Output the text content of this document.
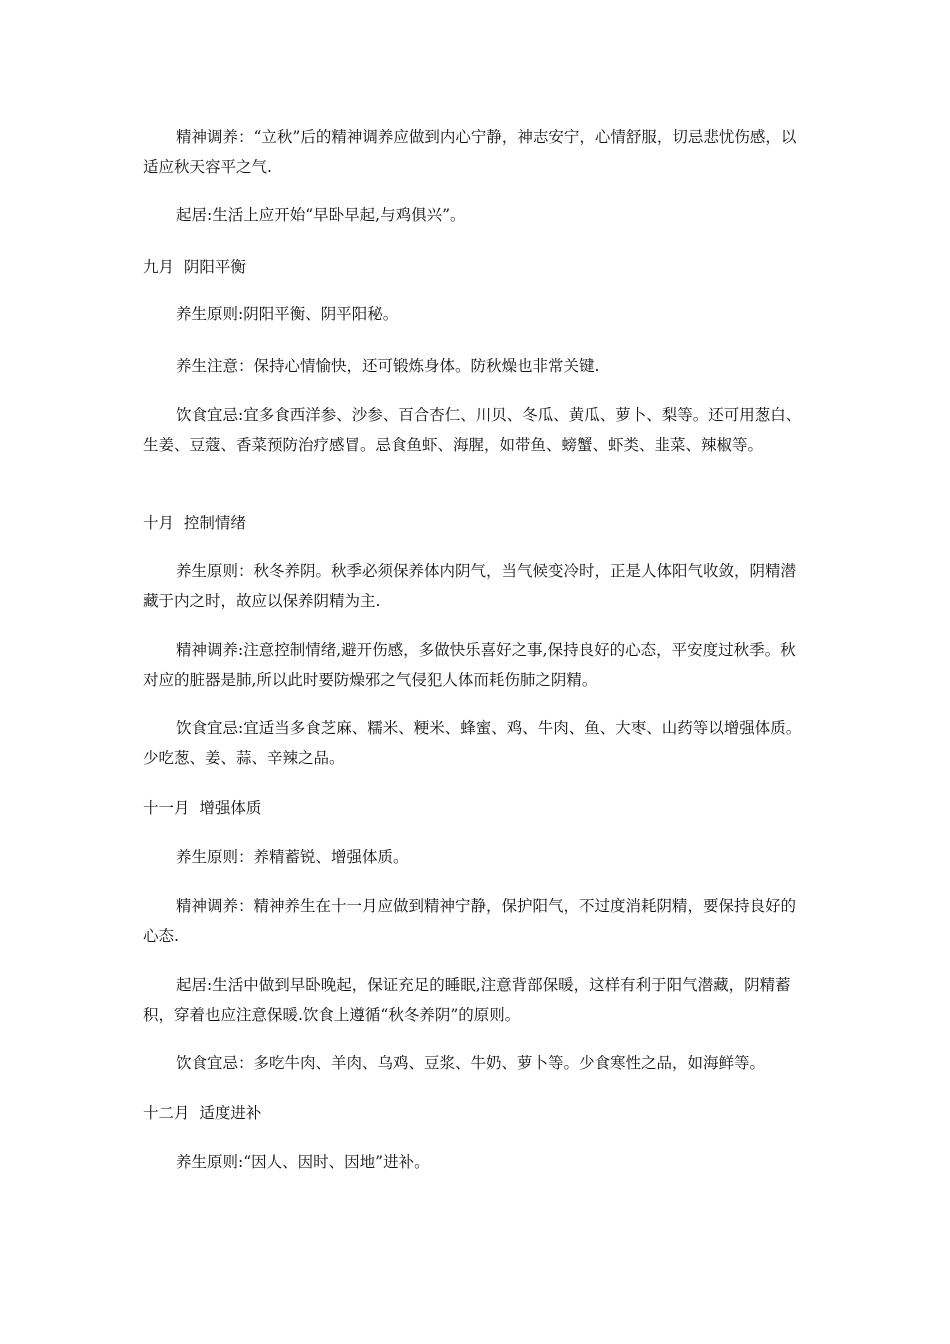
精神调养：“立秋”后的精神调养应做到内心宁静，神志安宁，心情舒服，切忌悲忧伤感，以适应秋天容平之气.

起居:生活上应开始“早卧早起,与鸡俱兴”。

九月  阴阳平衡

养生原则:阴阳平衡、阴平阳秘。

养生注意：保持心情愉快，还可锻炼身体。防秋燥也非常关键.

饮食宜忌:宜多食西洋参、沙参、百合杏仁、川贝、冬瓜、黄瓜、萝卜、梨等。还可用葱白、生姜、豆蔻、香菜预防治疗感冒。忌食鱼虾、海腥，如带鱼、螃蟹、虾类、韭菜、辣椒等。

十月  控制情绪

养生原则：秋冬养阴。秋季必须保养体内阴气，当气候变冷时，正是人体阳气收敛，阴精潜藏于内之时，故应以保养阴精为主.

精神调养:注意控制情绪,避开伤感，多做快乐喜好之事,保持良好的心态，平安度过秋季。秋对应的脏器是肺,所以此时要防燥邪之气侵犯人体而耗伤肺之阴精。

饮食宜忌:宜适当多食芝麻、糯米、粳米、蜂蜜、鸡、牛肉、鱼、大枣、山药等以增强体质。少吃葱、姜、蒜、辛辣之品。

十一月  增强体质

养生原则：养精蓄锐、增强体质。

精神调养：精神养生在十一月应做到精神宁静，保护阳气，不过度消耗阴精，要保持良好的心态.

起居:生活中做到早卧晚起，保证充足的睡眠,注意背部保暖，这样有利于阳气潜藏，阴精蓄积，穿着也应注意保暖.饮食上遵循“秋冬养阴”的原则。

饮食宜忌：多吃牛肉、羊肉、乌鸡、豆浆、牛奶、萝卜等。少食寒性之品，如海鲜等。

十二月  适度进补

养生原则:“因人、因时、因地”进补。
